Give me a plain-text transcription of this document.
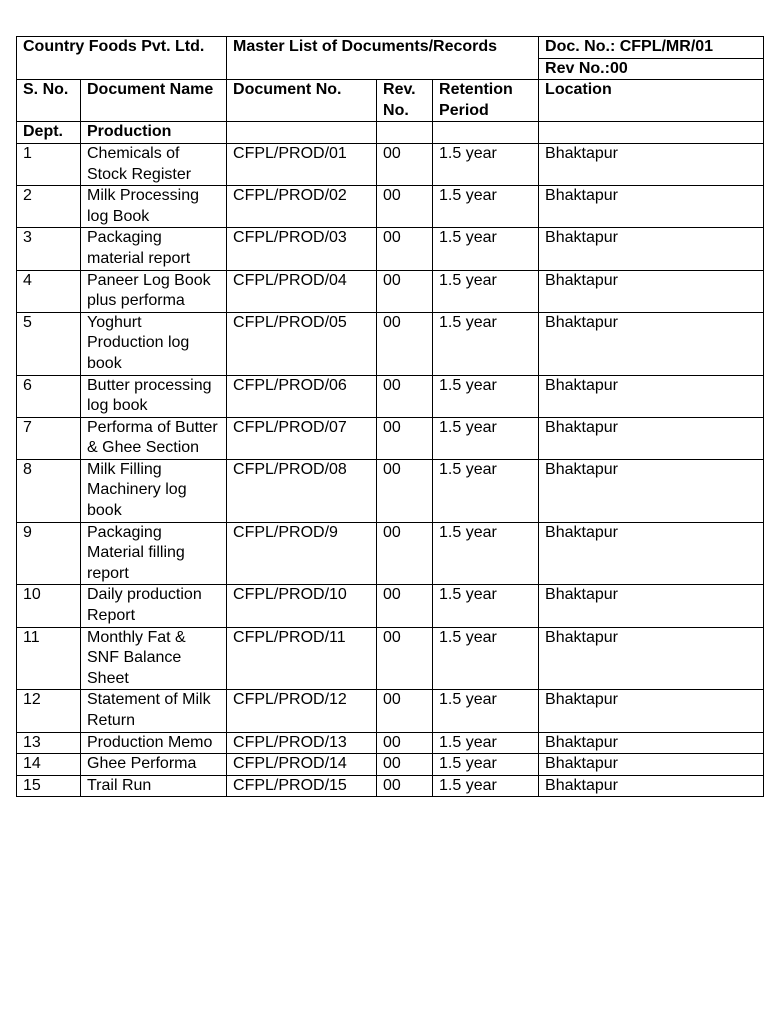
Country Foods Pvt. Ltd.		Master List of Documents/Records			Doc. No.: CFPL/MR/01
					Rev No.:00
S. No.	Document Name	Document No.	Rev. No.	Retention Period	Location
Dept.	Production				
1	Chemicals of Stock Register	CFPL/PROD/01	00	1.5 year	Bhaktapur
2	Milk Processing log Book	CFPL/PROD/02	00	1.5 year	Bhaktapur
3	Packaging material report	CFPL/PROD/03	00	1.5 year	Bhaktapur
4	Paneer Log Book plus performa	CFPL/PROD/04	00	1.5 year	Bhaktapur
5	Yoghurt Production log book	CFPL/PROD/05	00	1.5 year	Bhaktapur
6	Butter processing log book	CFPL/PROD/06	00	1.5 year	Bhaktapur
7	Performa of Butter & Ghee Section	CFPL/PROD/07	00	1.5 year	Bhaktapur
8	Milk Filling Machinery log book	CFPL/PROD/08	00	1.5 year	Bhaktapur
9	Packaging Material filling report	CFPL/PROD/9	00	1.5 year	Bhaktapur
10	Daily production Report	CFPL/PROD/10	00	1.5 year	Bhaktapur
11	Monthly Fat & SNF Balance Sheet	CFPL/PROD/11	00	1.5 year	Bhaktapur
12	Statement of Milk Return	CFPL/PROD/12	00	1.5 year	Bhaktapur
13	Production Memo	CFPL/PROD/13	00	1.5 year	Bhaktapur
14	Ghee Performa	CFPL/PROD/14	00	1.5 year	Bhaktapur
15	Trail Run	CFPL/PROD/15	00	1.5 year	Bhaktapur
